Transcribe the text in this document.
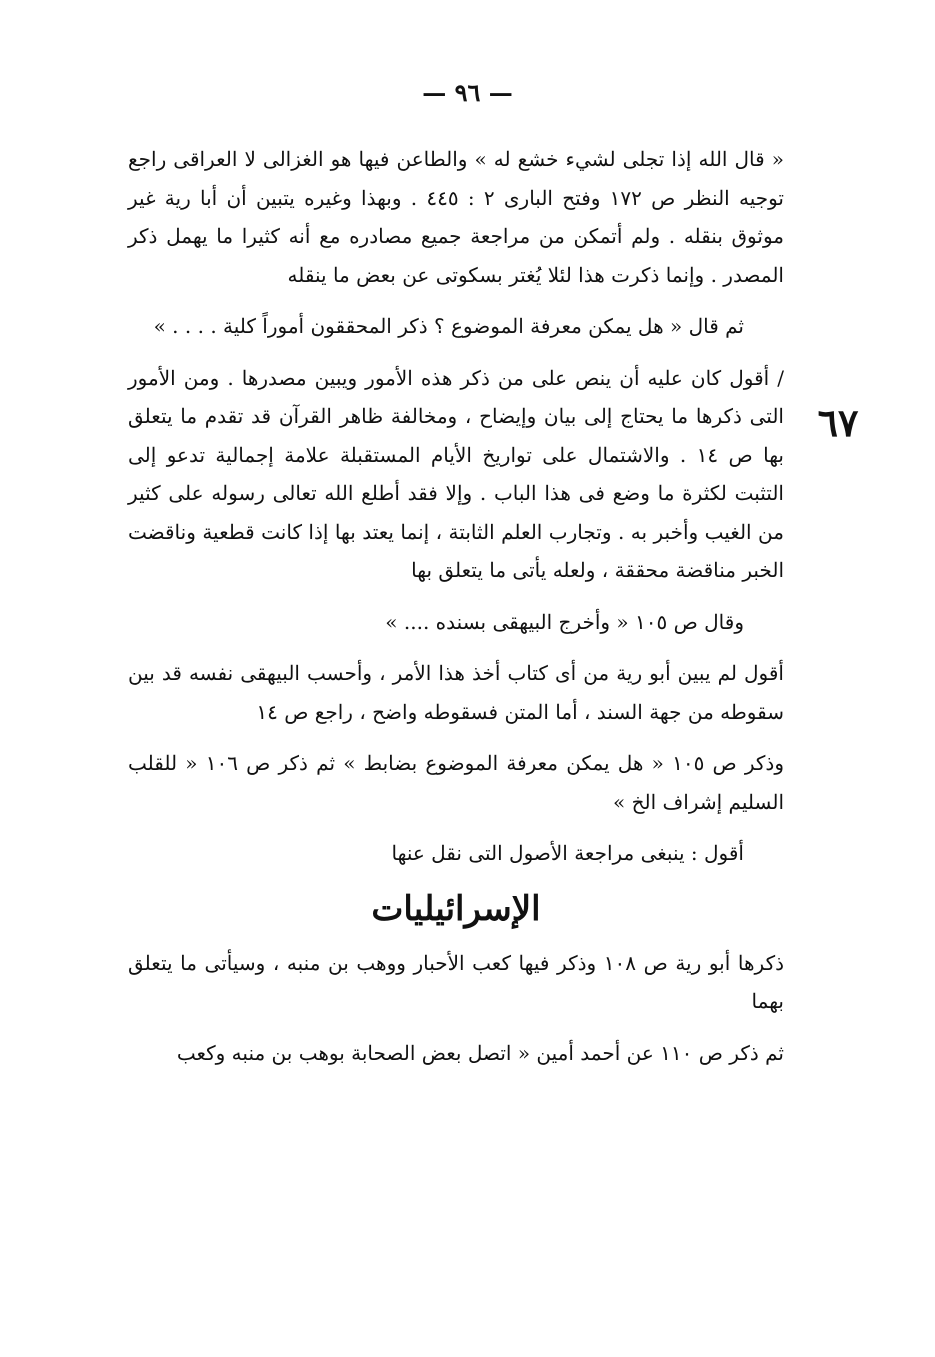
— ٩٦ —
٦٧

« قال الله إذا تجلى لشيء خشع له » والطاعن فيها هو الغزالى لا العراقى راجع توجيه النظر ص ١٧٢ وفتح البارى ٢ : ٤٤٥ . وبهذا وغيره يتبين أن أبا رية غير موثوق بنقله . ولم أتمكن من مراجعة جميع مصادره مع أنه كثيرا ما يهمل ذكر المصدر . وإنما ذكرت هذا لئلا يُغتر بسكوتى عن بعض ما ينقله

ثم قال « هل يمكن معرفة الموضوع ؟ ذكر المحققون أموراً كلية . . . . »

/ أقول كان عليه أن ينص على من ذكر هذه الأمور ويبين مصدرها . ومن الأمور التى ذكرها ما يحتاج إلى بيان وإيضاح ، ومخالفة ظاهر القرآن قد تقدم ما يتعلق بها ص ١٤ . والاشتمال على تواريخ الأيام المستقبلة علامة إجمالية تدعو إلى التثبت لكثرة ما وضع فى هذا الباب . وإلا فقد أطلع الله تعالى رسوله على كثير من الغيب وأخبر به . وتجارب العلم الثابتة ، إنما يعتد بها إذا كانت قطعية وناقضت الخبر مناقضة محققة ، ولعله يأتى ما يتعلق بها

وقال ص ١٠٥ « وأخرج البيهقى بسنده .... »

أقول لم يبين أبو رية من أى كتاب أخذ هذا الأمر ، وأحسب البيهقى نفسه قد بين سقوطه من جهة السند ، أما المتن فسقوطه واضح ، راجع ص ١٤

وذكر ص ١٠٥ « هل يمكن معرفة الموضوع بضابط » ثم ذكر ص ١٠٦ « للقلب السليم إشراف الخ »

أقول : ينبغى مراجعة الأصول التى نقل عنها

الإسرائيليات

ذكرها أبو رية ص ١٠٨ وذكر فيها كعب الأحبار ووهب بن منبه ، وسيأتى ما يتعلق بهما

ثم ذكر ص ١١٠ عن أحمد أمين « اتصل بعض الصحابة بوهب بن منبه وكعب
